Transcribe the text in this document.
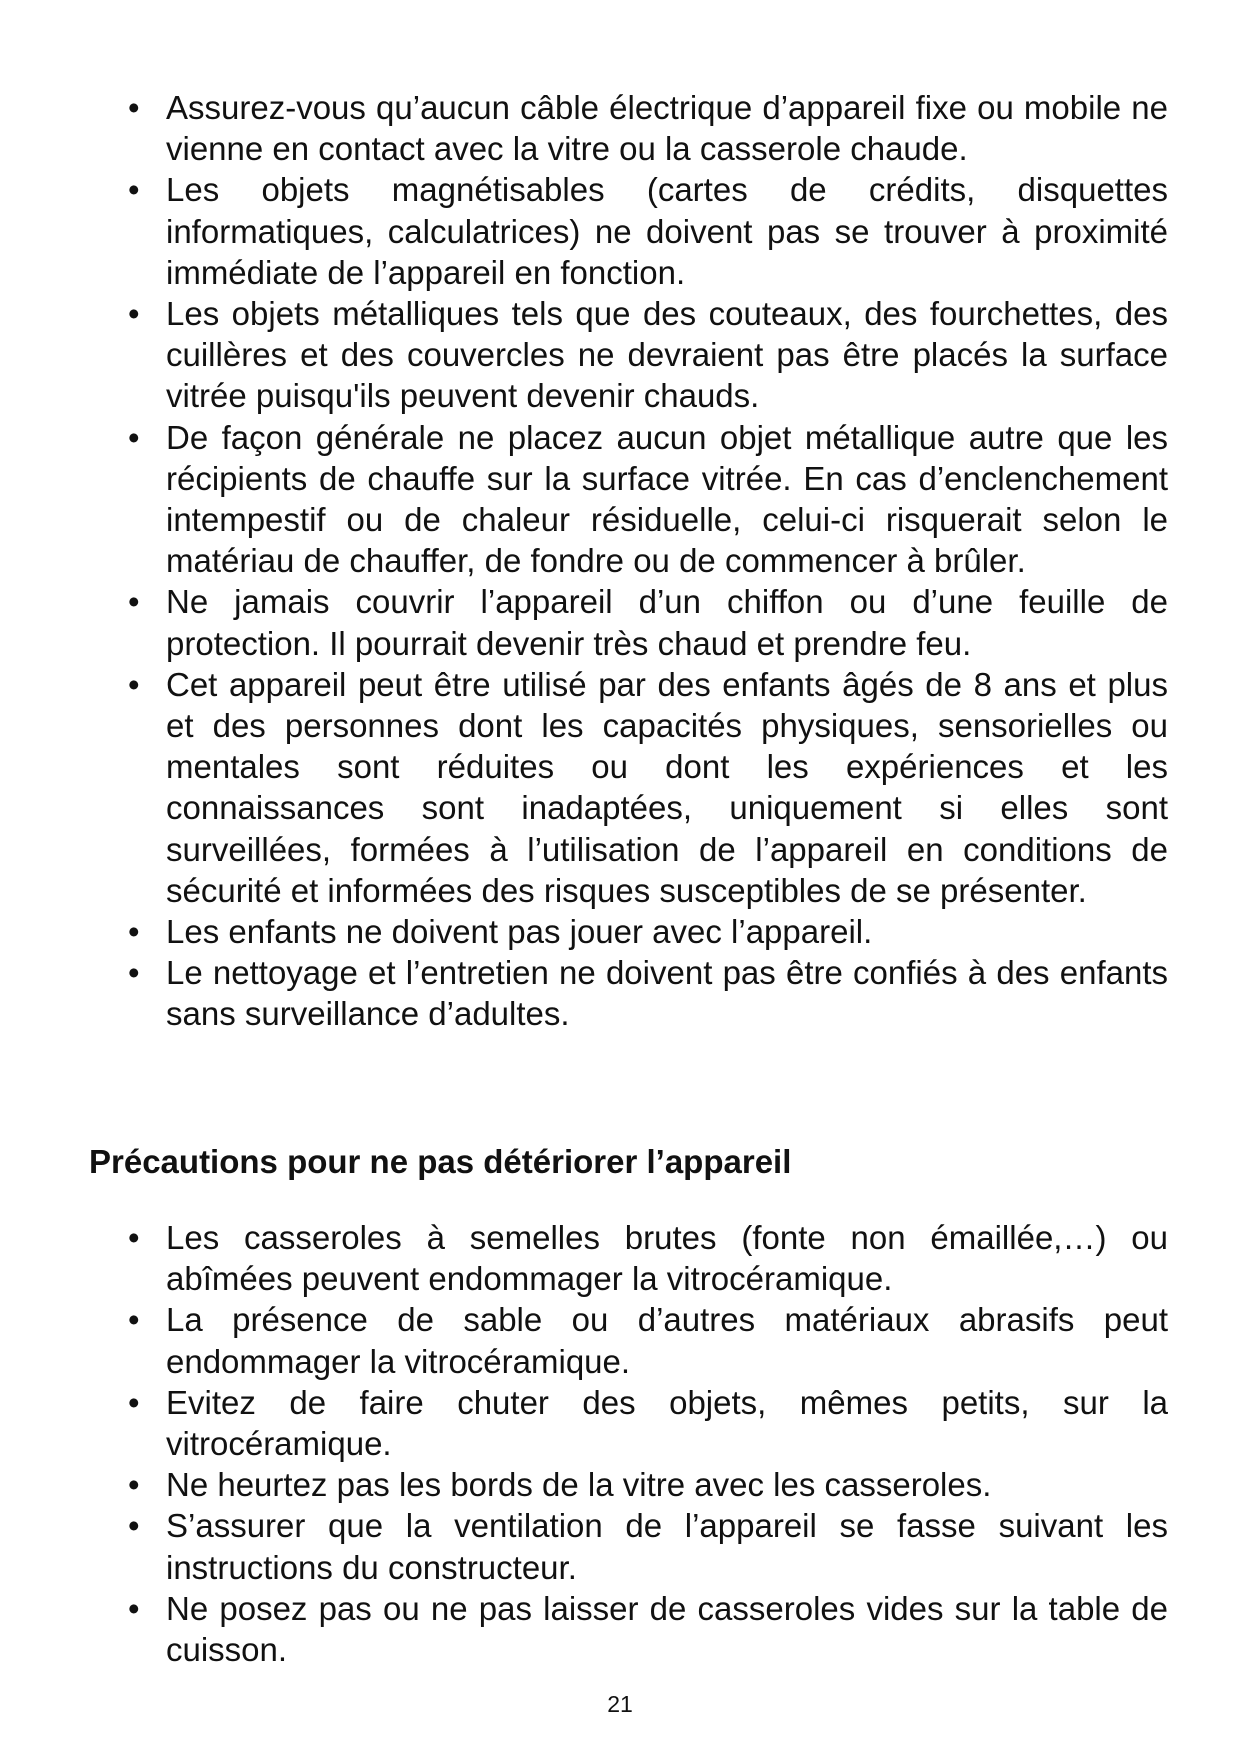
• Assurez-vous qu’aucun câble électrique d’appareil fixe ou mobile ne vienne en contact avec la vitre ou la casserole chaude.
• Les objets magnétisables (cartes de crédits, disquettes informatiques, calculatrices) ne doivent pas se trouver à proximité immédiate de l’appareil en fonction.
• Les objets métalliques tels que des couteaux, des fourchettes, des cuillères et des couvercles ne devraient pas être placés la surface vitrée puisqu'ils peuvent devenir chauds.
• De façon générale ne placez aucun objet métallique autre que les récipients de chauffe sur la surface vitrée. En cas d’enclenchement intempestif ou de chaleur résiduelle, celui-ci risquerait selon le matériau de chauffer, de fondre ou de commencer à brûler.
• Ne jamais couvrir l’appareil d’un chiffon ou d’une feuille de protection. Il pourrait devenir très chaud et prendre feu.
• Cet appareil peut être utilisé par des enfants âgés de 8 ans et plus et des personnes dont les capacités physiques, sensorielles ou mentales sont réduites ou dont les expériences et les connaissances sont inadaptées, uniquement si elles sont surveillées, formées à l’utilisation de l’appareil en conditions de sécurité et informées des risques susceptibles de se présenter.
• Les enfants ne doivent pas jouer avec l’appareil.
• Le nettoyage et l’entretien ne doivent pas être confiés à des enfants sans surveillance d’adultes.
Précautions pour ne pas détériorer l’appareil
• Les casseroles à semelles brutes (fonte non émaillée,…) ou abîmées peuvent endommager la vitrocéramique.
• La présence de sable ou d’autres matériaux abrasifs peut endommager la vitrocéramique.
• Evitez de faire chuter des objets, mêmes petits, sur la vitrocéramique.
• Ne heurtez pas les bords de la vitre avec les casseroles.
• S’assurer que la ventilation de l’appareil se fasse suivant les instructions du constructeur.
• Ne posez pas ou ne pas laisser de casseroles vides sur la table de cuisson.
21
